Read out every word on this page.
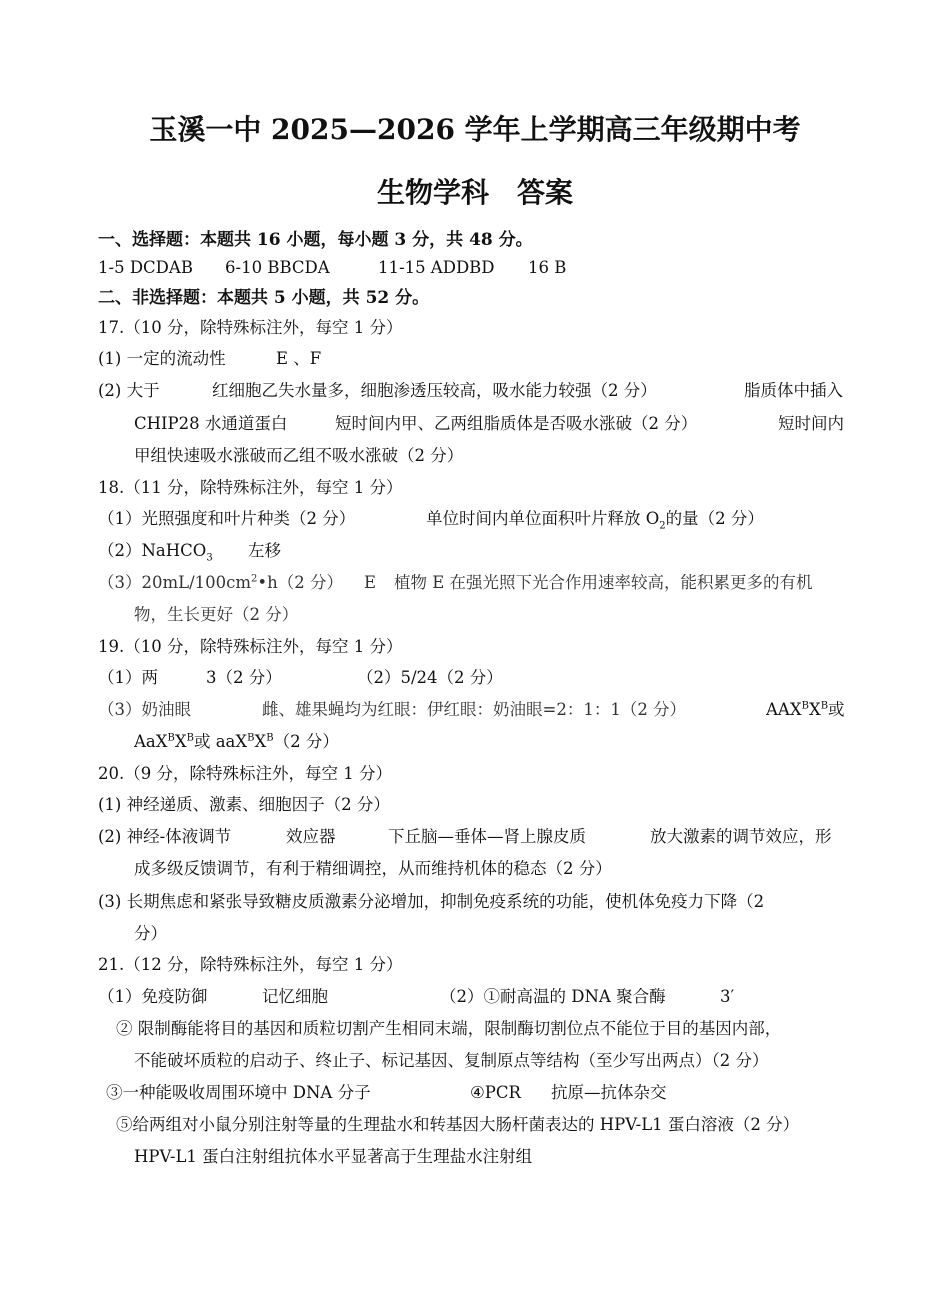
玉溪一中 2025—2026 学年上学期高三年级期中考
生物学科　答案
一、选择题：本题共 16 小题，每小题 3 分，共 48 分。
1-5 DCDAB 6-10 BBCDA	11-15 ADDBD 16 B
二、非选择题：本题共 5 小题，共 52 分。
17.（10 分，除特殊标注外，每空 1 分）
(1) 一定的流动性	E 、F
(2) 大于	红细胞乙失水量多，细胞渗透压较高，吸水能力较强（2 分）	脂质体中插入
CHIP28 水通道蛋白	短时间内甲、乙两组脂质体是否吸水涨破（2 分）	短时间内
甲组快速吸水涨破而乙组不吸水涨破（2 分）
18.（11 分，除特殊标注外，每空 1 分）
（1）光照强度和叶片种类（2 分）	单位时间内单位面积叶片释放 $O_2$的量（2 分）
（2）NaHCO$_3$ 左移
$(3)20mL/100cm^2•h(2$ 分） E 植物 E 在强光照下光合作用速率较高，能积累更多的有机
物，生长更好（2 分）
19.（10 分，除特殊标注外，每空 1 分）
（1）两	3（2 分）	（2）5/24（2 分）
（3）奶油眼	雌、雄果蝇均为红眼：伊红眼：奶油眼=2：1：1（2 分）	$AAX^BX^B$或
$AaX^BX^B$或 $aaX^BX^B(2$ 分）
20.（9 分，除特殊标注外，每空 1 分）
(1) 神经递质、激素、细胞因子（2 分）
(2) 神经-体液调节	效应器	下丘脑—垂体—肾上腺皮质	放大激素的调节效应，形
成多级反馈调节，有利于精细调控，从而维持机体的稳态（2 分）
(3) 长期焦虑和紧张导致糖皮质激素分泌增加，抑制免疫系统的功能，使机体免疫力下降（2
分）
21.（12 分，除特殊标注外，每空 1 分）
（1）免疫防御	记忆细胞	（2）①耐高温的 DNA 聚合酶	3′
② 限制酶能将目的基因和质粒切割产生相同末端，限制酶切割位点不能位于目的基因内部，
不能破坏质粒的启动子、终止子、标记基因、复制原点等结构（至少写出两点）（2 分）
③一种能吸收周围环境中 DNA 分子	④PCR 抗原—抗体杂交
⑤给两组对小鼠分别注射等量的生理盐水和转基因大肠杆菌表达的 HPV-L1 蛋白溶液（2 分）
HPV-L1 蛋白注射组抗体水平显著高于生理盐水注射组
